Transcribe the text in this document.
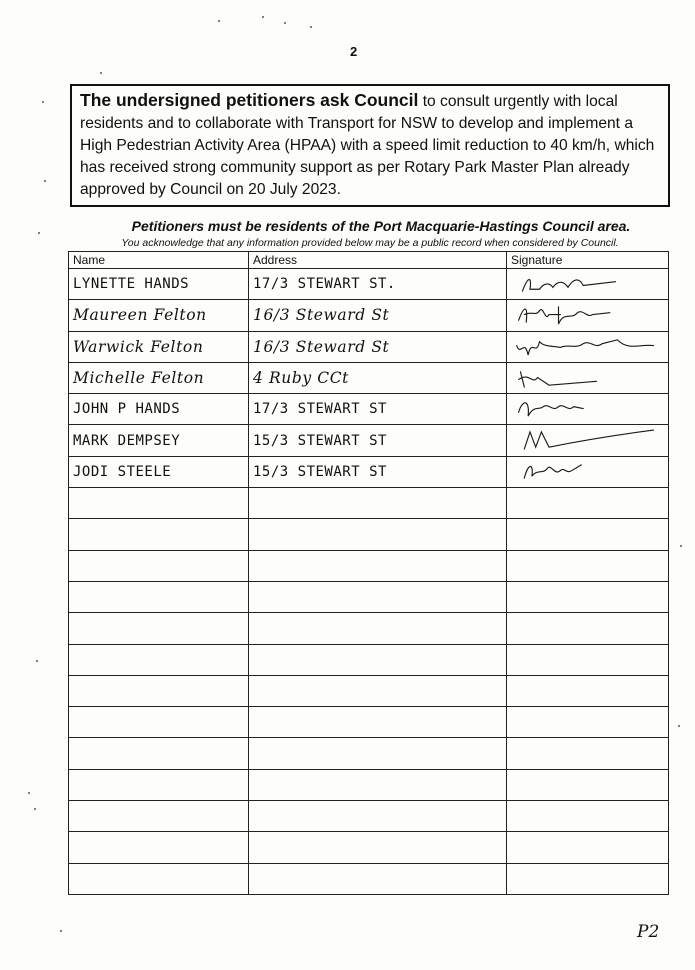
2
The undersigned petitioners ask Council to consult urgently with local residents and to collaborate with Transport for NSW to develop and implement a High Pedestrian Activity Area (HPAA) with a speed limit reduction to 40 km/h, which has received strong community support as per Rotary Park Master Plan already approved by Council on 20 July 2023.
Petitioners must be residents of the Port Macquarie-Hastings Council area.
You acknowledge that any information provided below may be a public record when considered by Council.
Name	Address	Signature
LYNETTE HANDS	17/3 STEWART ST.	

Maureen Felton	16/3 Steward St	

Warwick Felton	16/3 Steward St	

Michelle Felton	4 Ruby CCt	

JOHN P HANDS	17/3 STEWART ST	

MARK DEMPSEY	15/3 STEWART ST	

JODI STEELE	15/3 STEWART ST	

P2
